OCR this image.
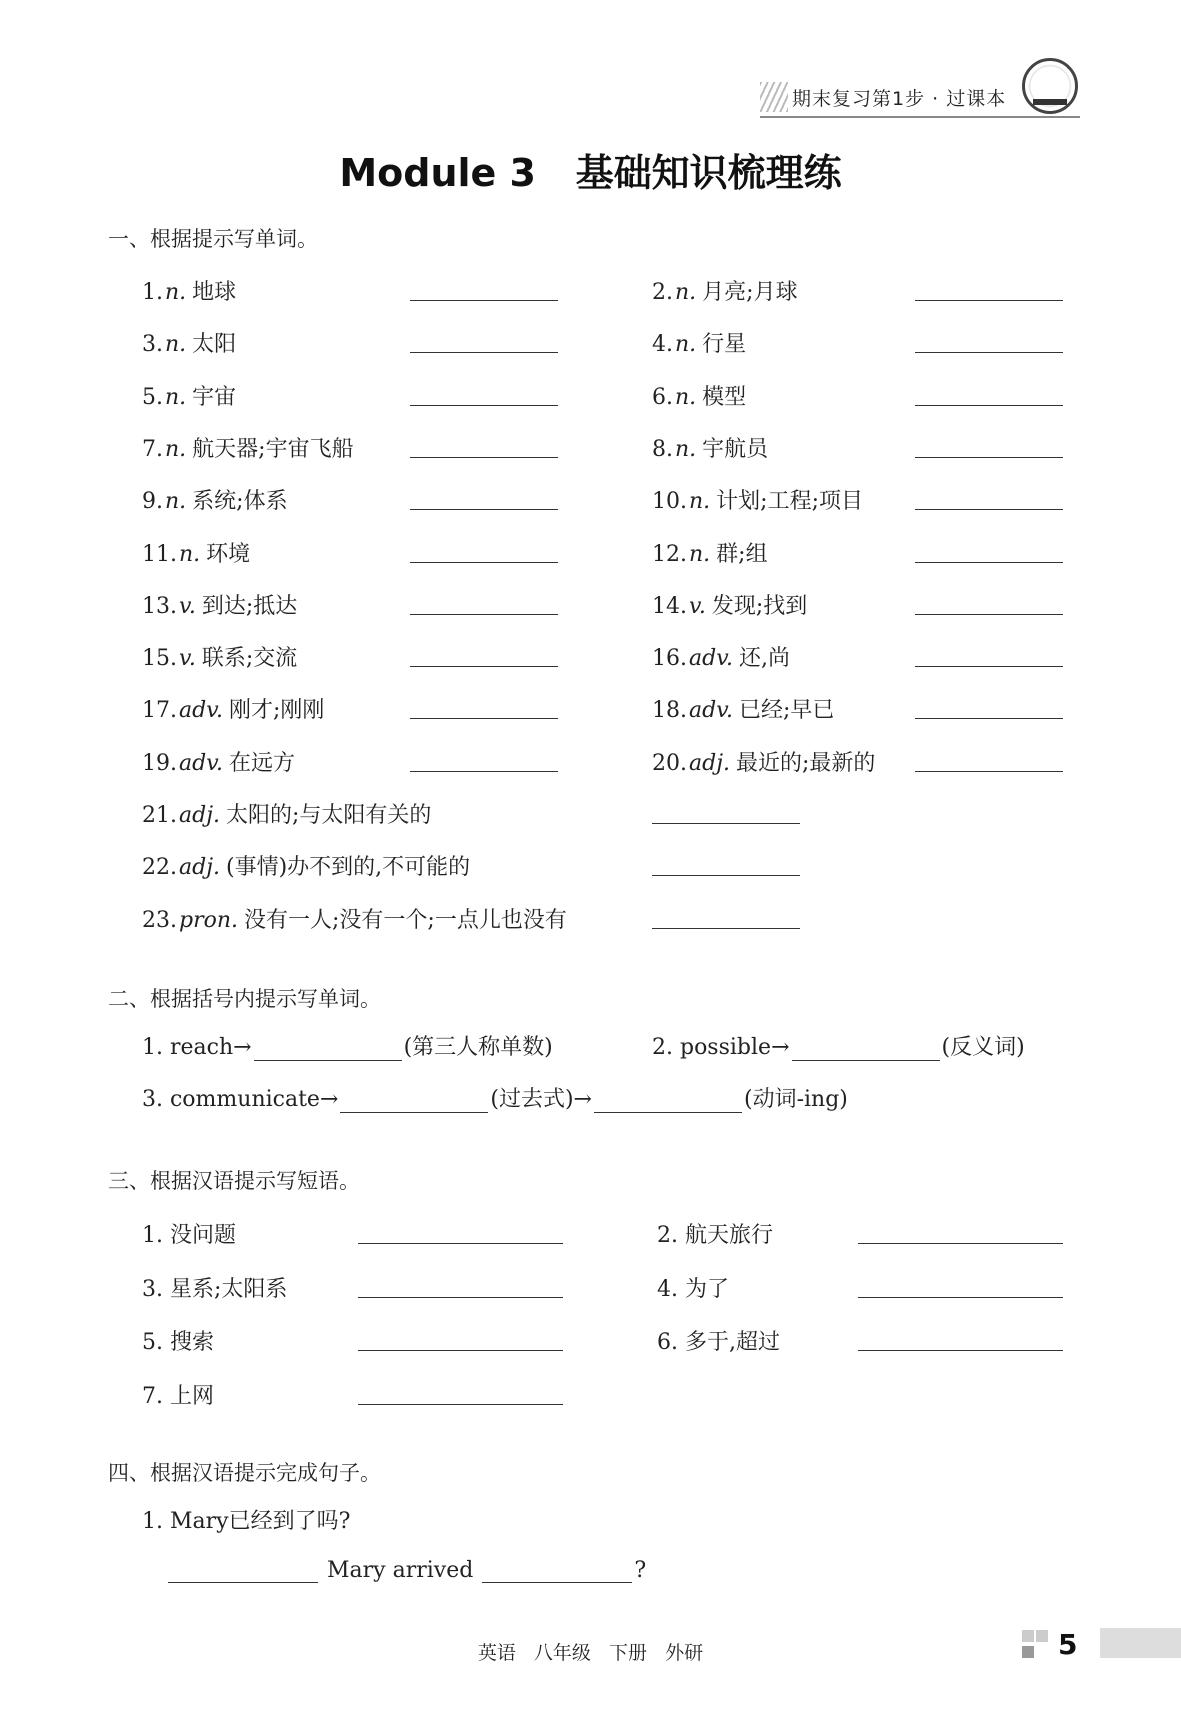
期末复习第1步 · 过课本
Module 3   基础知识梳理练
一、根据提示写单词。
1.n. 地球	2.n. 月亮;月球
3.n. 太阳	4.n. 行星
5.n. 宇宙	6.n. 模型
7.n. 航天器;宇宙飞船	8.n. 宇航员
9.n. 系统;体系	10.n. 计划;工程;项目
11.n. 环境	12.n. 群;组
13.v. 到达;抵达	14.v. 发现;找到
15.v. 联系;交流	16.adv. 还,尚
17.adv. 刚才;刚刚	18.adv. 已经;早已
19.adv. 在远方	20.adj. 最近的;最新的
21.adj. 太阳的;与太阳有关的
22.adj. (事情)办不到的,不可能的
23.pron. 没有一人;没有一个;一点儿也没有
二、根据括号内提示写单词。
1. reach→	(第三人称单数)	2. possible→	(反义词)
3. communicate→	(过去式)→	(动词-ing)
三、根据汉语提示写短语。
1. 没问题	2. 航天旅行
3. 星系;太阳系	4. 为了
5. 搜索	6. 多于,超过
7. 上网
四、根据汉语提示完成句子。
1. Mary已经到了吗?
Mary arrived	?
英语   八年级   下册   外研	5
